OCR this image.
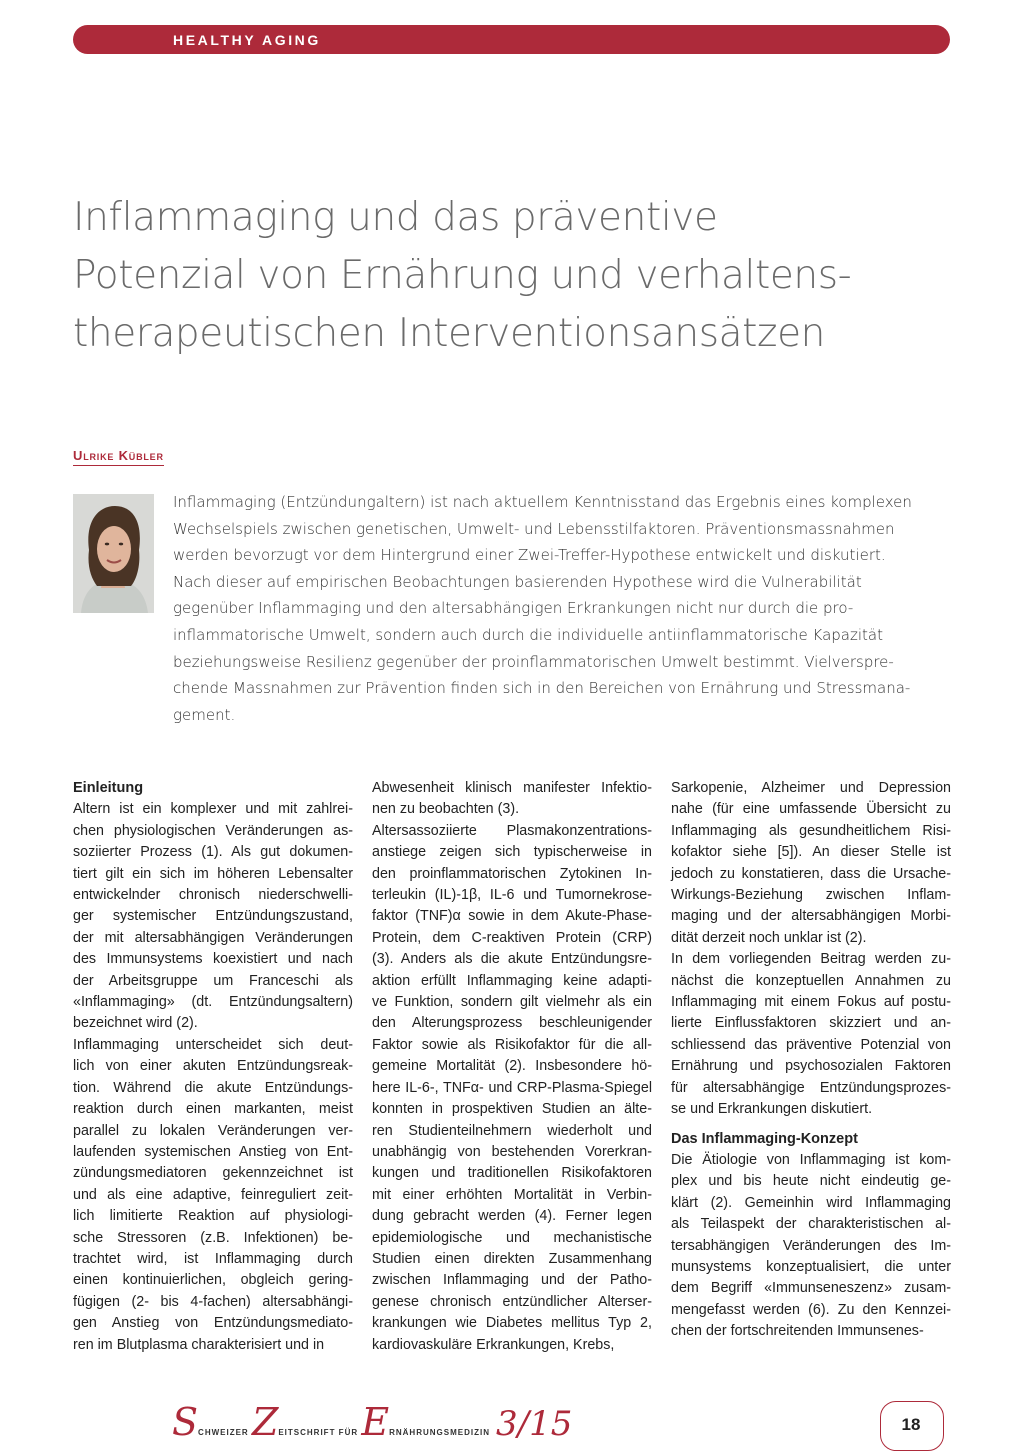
HEALTHY AGING
Inflammaging und das präventive
Potenzial von Ernährung und verhaltens-
therapeutischen Interventionsansätzen

Ulrike Kübler

Inflammaging (Entzündungaltern) ist nach aktuellem Kenntnisstand das Ergebnis eines komplexen
Wechselspiels zwischen genetischen, Umwelt- und Lebensstilfaktoren. Präventionsmassnahmen
werden bevorzugt vor dem Hintergrund einer Zwei-Treffer-Hypothese entwickelt und diskutiert.
Nach dieser auf empirischen Beobachtungen basierenden Hypothese wird die Vulnerabilität
gegenüber Inflammaging und den altersabhängigen Erkrankungen nicht nur durch die pro-
inflammatorische Umwelt, sondern auch durch die individuelle antiinflammatorische Kapazität
beziehungsweise Resilienz gegenüber der proinflammatorischen Umwelt bestimmt. Vielverspre-
chende Massnahmen zur Prävention finden sich in den Bereichen von Ernährung und Stressmana-
gement.
Einleitung
Altern ist ein komplexer und mit zahlrei-
chen physiologischen Veränderungen as-
soziierter Prozess (1). Als gut dokumen-
tiert gilt ein sich im höheren Lebensalter
entwickelnder chronisch niederschwelli-
ger systemischer Entzündungszustand,
der mit altersabhängigen Veränderungen
des Immunsystems koexistiert und nach
der Arbeitsgruppe um Franceschi als
«Inflammaging» (dt. Entzündungsaltern)
bezeichnet wird (2).
Inflammaging unterscheidet sich deut-
lich von einer akuten Entzündungsreak-
tion. Während die akute Entzündungs-
reaktion durch einen markanten, meist
parallel zu lokalen Veränderungen ver-
laufenden systemischen Anstieg von Ent-
zündungsmediatoren gekennzeichnet ist
und als eine adaptive, feinreguliert zeit-
lich limitierte Reaktion auf physiologi-
sche Stressoren (z.B. Infektionen) be-
trachtet wird, ist Inflammaging durch
einen kontinuierlichen, obgleich gering-
fügigen (2- bis 4-fachen) altersabhängi-
gen Anstieg von Entzündungsmediato-
ren im Blutplasma charakterisiert und in
Abwesenheit klinisch manifester Infektio-
nen zu beobachten (3).
Altersassoziierte Plasmakonzentrations-
anstiege zeigen sich typischerweise in
den proinflammatorischen Zytokinen In-
terleukin (IL)-1β, IL-6 und Tumornekrose-
faktor (TNF)α sowie in dem Akute-Phase-
Protein, dem C-reaktiven Protein (CRP)
(3). Anders als die akute Entzündungsre-
aktion erfüllt Inflammaging keine adapti-
ve Funktion, sondern gilt vielmehr als ein
den Alterungsprozess beschleunigender
Faktor sowie als Risikofaktor für die all-
gemeine Mortalität (2). Insbesondere hö-
here IL-6-, TNFα- und CRP-Plasma-Spiegel
konnten in prospektiven Studien an älte-
ren Studienteilnehmern wiederholt und
unabhängig von bestehenden Vorerkran-
kungen und traditionellen Risikofaktoren
mit einer erhöhten Mortalität in Verbin-
dung gebracht werden (4). Ferner legen
epidemiologische und mechanistische
Studien einen direkten Zusammenhang
zwischen Inflammaging und der Patho-
genese chronisch entzündlicher Alterser-
krankungen wie Diabetes mellitus Typ 2,
kardiovaskuläre Erkrankungen, Krebs,
Sarkopenie, Alzheimer und Depression
nahe (für eine umfassende Übersicht zu
Inflammaging als gesundheitlichem Risi-
kofaktor siehe [5]). An dieser Stelle ist
jedoch zu konstatieren, dass die Ursache-
Wirkungs-Beziehung zwischen Inflam-
maging und der altersabhängigen Morbi-
dität derzeit noch unklar ist (2).
In dem vorliegenden Beitrag werden zu-
nächst die konzeptuellen Annahmen zu
Inflammaging mit einem Fokus auf postu-
lierte Einflussfaktoren skizziert und an-
schliessend das präventive Potenzial von
Ernährung und psychosozialen Faktoren
für altersabhängige Entzündungsprozes-
se und Erkrankungen diskutiert.
Das Inflammaging-Konzept
Die Ätiologie von Inflammaging ist kom-
plex und bis heute nicht eindeutig ge-
klärt (2). Gemeinhin wird Inflammaging
als Teilaspekt der charakteristischen al-
tersabhängigen Veränderungen des Im-
munsystems konzeptualisiert, die unter
dem Begriff «Immunseneszenz» zusam-
mengefasst werden (6). Zu den Kennzei-
chen der fortschreitenden Immunsenes-
SCHWEIZER ZEITSCHRIFT FÜR ERNÄHRUNGSMEDIZIN 3/15	18
